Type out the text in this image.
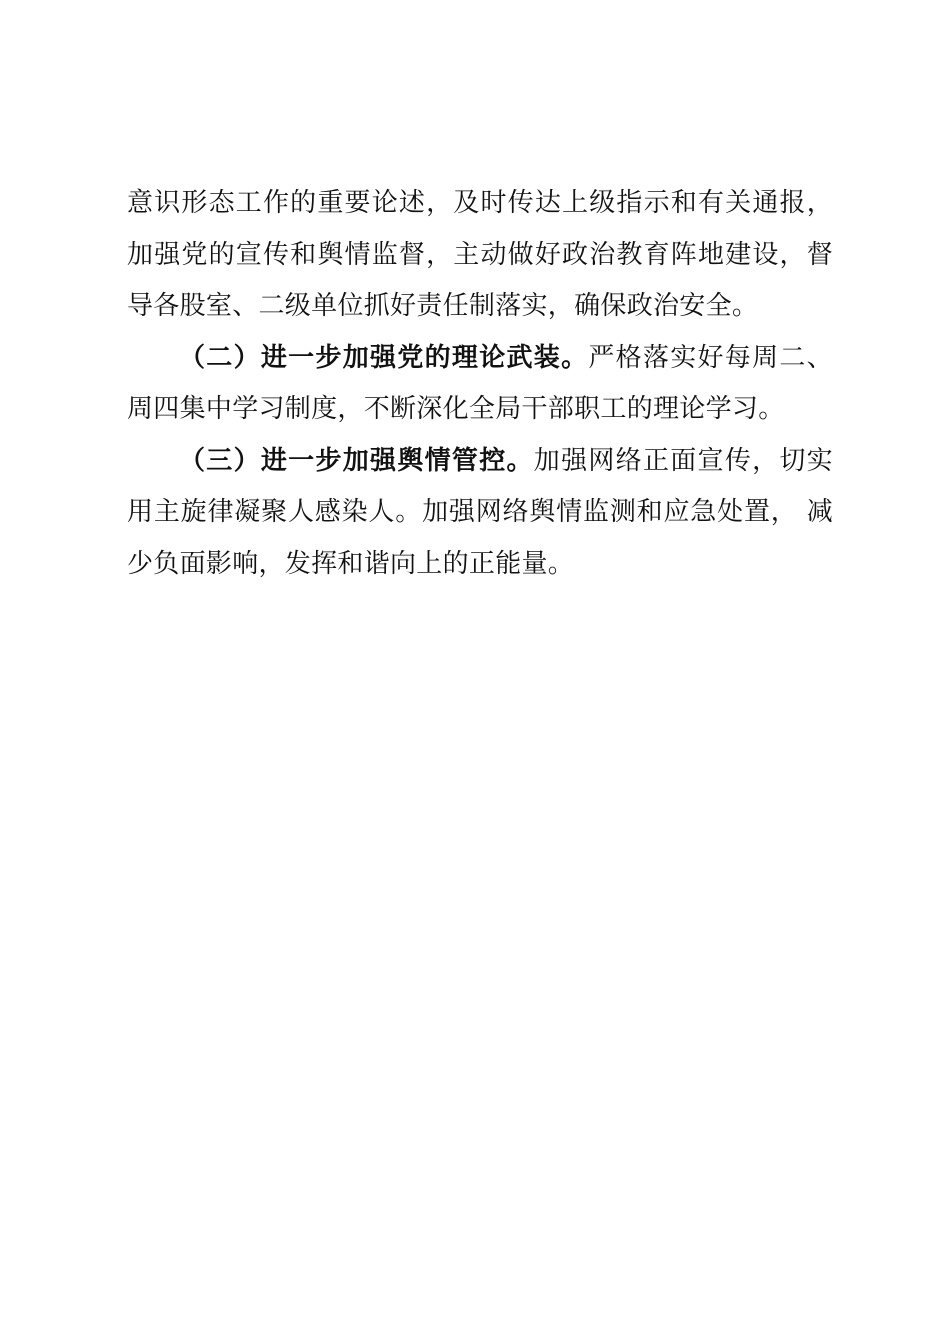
意识形态工作的重要论述，及时传达上级指示和有关通报， 加强党的宣传和舆情监督，主动做好政治教育阵地建设，督导各股室、二级单位抓好责任制落实，确保政治安全。

（二）进一步加强党的理论武装。严格落实好每周二、周四集中学习制度，不断深化全局干部职工的理论学习。

（三）进一步加强舆情管控。加强网络正面宣传，切实用主旋律凝聚人感染人。加强网络舆情监测和应急处置， 减少负面影响，发挥和谐向上的正能量。
